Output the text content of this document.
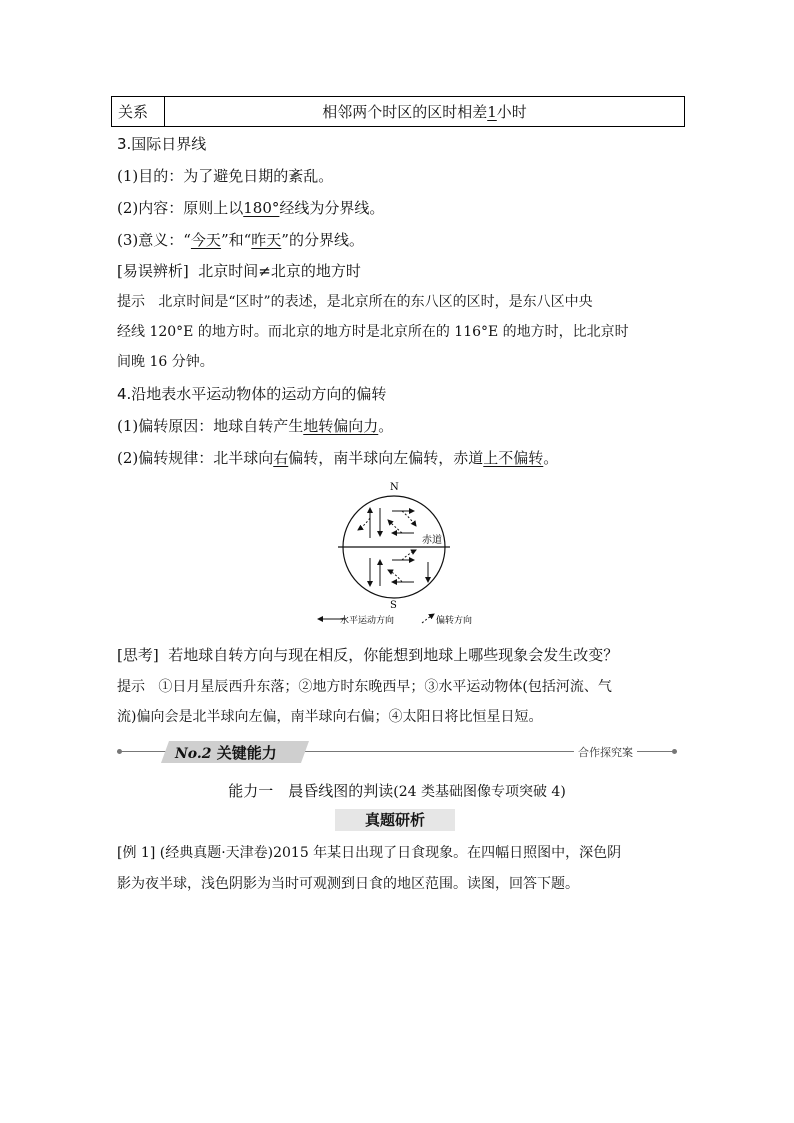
关系	相邻两个时区的区时相差1小时
3.国际日界线
(1)目的：为了避免日期的紊乱。
(2)内容：原则上以180°经线为分界线。
(3)意义：“今天”和“昨天”的分界线。
[易误辨析] 北京时间≠北京的地方时
提示 北京时间是“区时”的表述，是北京所在的东八区的区时，是东八区中央
经线 120°E 的地方时。而北京的地方时是北京所在的 116°E 的地方时，比北京时
间晚 16 分钟。
4.沿地表水平运动物体的运动方向的偏转
(1)偏转原因：地球自转产生地转偏向力。
(2)偏转规律：北半球向右偏转，南半球向左偏转，赤道上不偏转。
N
赤道
S
水平运动方向	偏转方向
[思考] 若地球自转方向与现在相反，你能想到地球上哪些现象会发生改变？
提示 ①日月星辰西升东落；②地方时东晚西早；③水平运动物体(包括河流、气
流)偏向会是北半球向左偏，南半球向右偏；④太阳日将比恒星日短。
No.2 关键能力	合作探究案
能力一　晨昏线图的判读(24 类基础图像专项突破 4)
真题研析
[例 1] (经典真题·天津卷)2015 年某日出现了日食现象。在四幅日照图中，深色阴
影为夜半球，浅色阴影为当时可观测到日食的地区范围。读图，回答下题。
